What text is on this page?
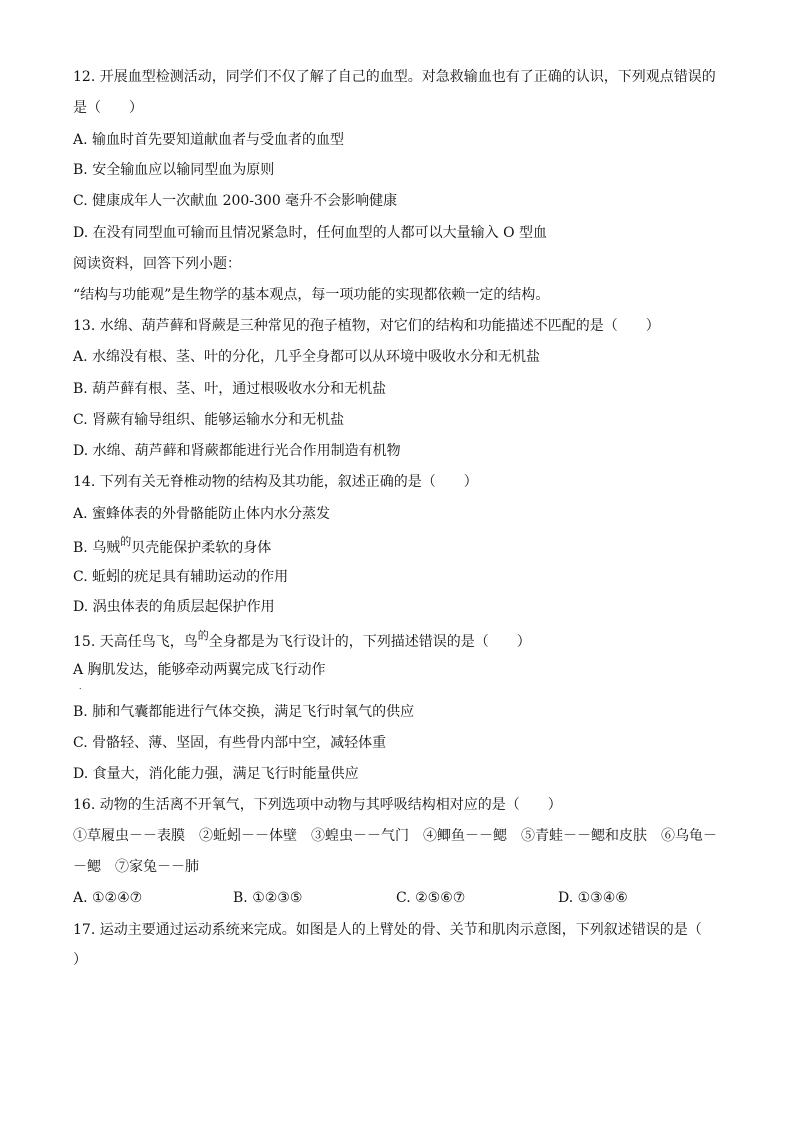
12. 开展血型检测活动，同学们不仅了解了自己的血型。对急救输血也有了正确的认识，下列观点错误的
是（　　）
A. 输血时首先要知道献血者与受血者的血型
B. 安全输血应以输同型血为原则
C. 健康成年人一次献血 200-300 毫升不会影响健康
D. 在没有同型血可输而且情况紧急时，任何血型的人都可以大量输入 O 型血
阅读资料，回答下列小题：
“结构与功能观”是生物学的基本观点，每一项功能的实现都依赖一定的结构。
13. 水绵、葫芦藓和肾蕨是三种常见的孢子植物，对它们的结构和功能描述不匹配的是（　　）
A. 水绵没有根、茎、叶的分化，几乎全身都可以从环境中吸收水分和无机盐
B. 葫芦藓有根、茎、叶，通过根吸收水分和无机盐
C. 肾蕨有输导组织、能够运输水分和无机盐
D. 水绵、葫芦藓和肾蕨都能进行光合作用制造有机物
14. 下列有关无脊椎动物的结构及其功能，叙述正确的是（　　）
A. 蜜蜂体表的外骨骼能防止体内水分蒸发
B. 乌贼$^的$贝壳能保护柔软的身体
C. 蚯蚓的疣足具有辅助运动的作用
D. 涡虫体表的角质层起保护作用
15. 天高任鸟飞，鸟$^的$全身都是为飞行设计的，下列描述错误的是（　　）
A 胸肌发达，能够牵动两翼完成飞行动作
．
B. 肺和气囊都能进行气体交换，满足飞行时氧气的供应
C. 骨骼轻、薄、坚固，有些骨内部中空，减轻体重
D. 食量大，消化能力强，满足飞行时能量供应
16. 动物的生活离不开氧气，下列选项中动物与其呼吸结构相对应的是（　　）
①草履虫－－表膜　②蚯蚓－－体壁　③蝗虫－－气门　④鲫鱼－－鳃　⑤青蛙－－鳃和皮肤　⑥乌龟－
－鳃　⑦家兔－－肺
A. ①②④⑦	B. ①②③⑤	C. ②⑤⑥⑦	D. ①③④⑥
17. 运动主要通过运动系统来完成。如图是人的上臂处的骨、关节和肌肉示意图，下列叙述错误的是（
）
